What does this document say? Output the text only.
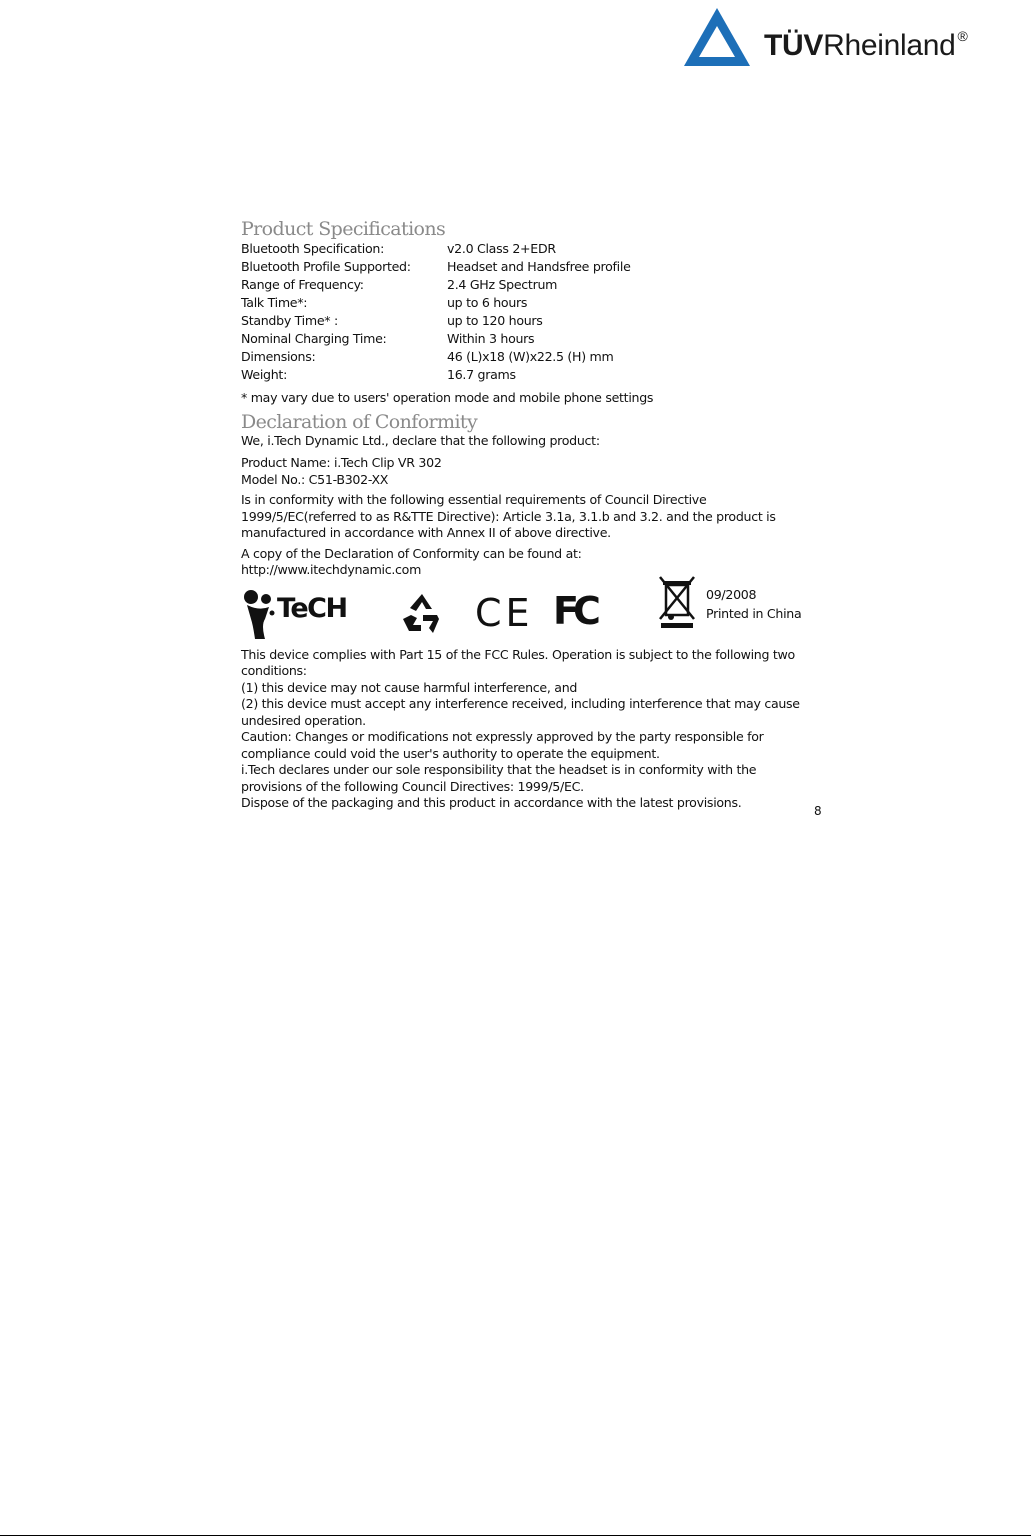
TÜVRheinland ®
Product Specifications
Bluetooth Specification:	v2.0 Class 2+EDR
Bluetooth Profile Supported:	Headset and Handsfree profile
Range of Frequency:	2.4 GHz Spectrum
Talk Time*:	up to 6 hours
Standby Time* :	up to 120 hours
Nominal Charging Time:	Within 3 hours
Dimensions:	46 (L)x18 (W)x22.5 (H) mm
Weight:	16.7 grams
* may vary due to users' operation mode and mobile phone settings
Declaration of Conformity
We, i.Tech Dynamic Ltd., declare that the following product:
Product Name: i.Tech Clip VR 302
Model No.: C51-B302-XX
Is in conformity with the following essential requirements of Council Directive
1999/5/EC(referred to as R&TTE Directive): Article 3.1a, 3.1.b and 3.2. and the product is
manufactured in accordance with Annex II of above directive.
A copy of the Declaration of Conformity can be found at:
http://www.itechdynamic.com
TeCH	CE FC	09/2008
Printed in China
This device complies with Part 15 of the FCC Rules. Operation is subject to the following two
conditions:
(1) this device may not cause harmful interference, and
(2) this device must accept any interference received, including interference that may cause
undesired operation.
Caution: Changes or modifications not expressly approved by the party responsible for
compliance could void the user's authority to operate the equipment.
i.Tech declares under our sole responsibility that the headset is in conformity with the
provisions of the following Council Directives: 1999/5/EC.
Dispose of the packaging and this product in accordance with the latest provisions.
8
